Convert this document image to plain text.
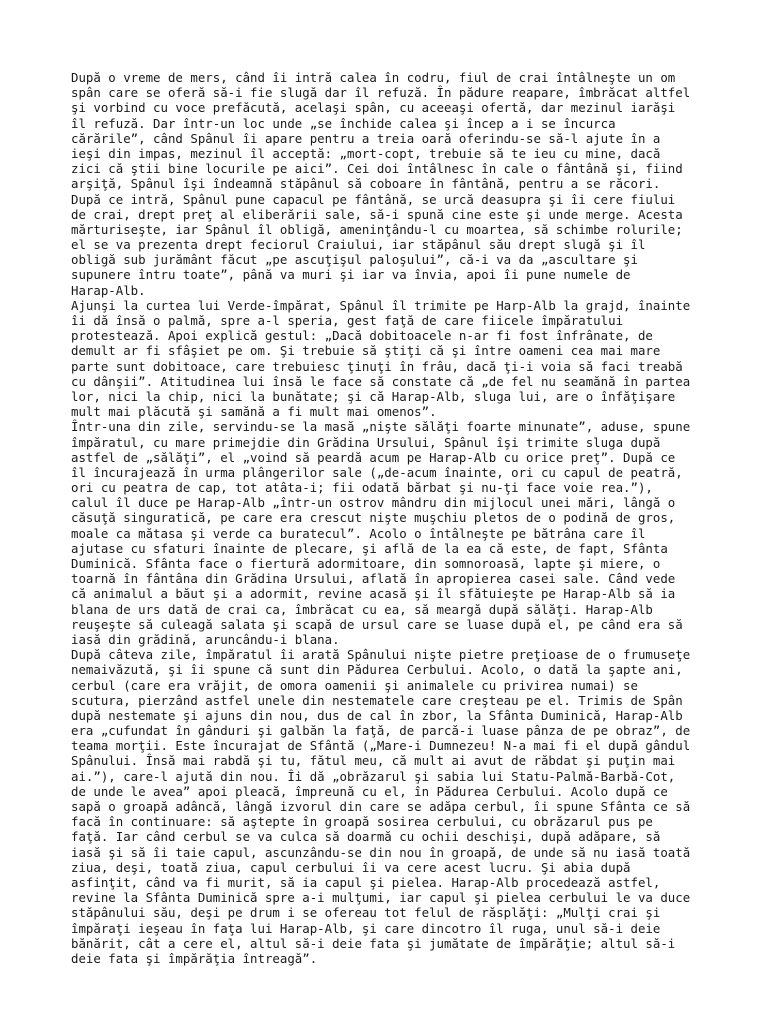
După o vreme de mers, când îi intră calea în codru, fiul de crai întâlneşte un om
spân care se oferă să-i fie slugă dar îl refuză. În pădure reapare, îmbrăcat altfel
şi vorbind cu voce prefăcută, acelaşi spân, cu aceeaşi ofertă, dar mezinul iarăşi
îl refuză. Dar într-un loc unde „se închide calea şi încep a i se încurca
cărările”, când Spânul îi apare pentru a treia oară oferindu-se să-l ajute în a
ieşi din impas, mezinul îl acceptă: „mort-copt, trebuie să te ieu cu mine, dacă
zici că ştii bine locurile pe aici”. Cei doi întâlnesc în cale o fântână şi, fiind
arşiţă, Spânul îşi îndeamnă stăpânul să coboare în fântână, pentru a se răcori.
După ce intră, Spânul pune capacul pe fântână, se urcă deasupra şi îi cere fiului
de crai, drept preţ al eliberării sale, să-i spună cine este şi unde merge. Acesta
mărturiseşte, iar Spânul îl obligă, ameninţându-l cu moartea, să schimbe rolurile;
el se va prezenta drept feciorul Craiului, iar stăpânul său drept slugă şi îl
obligă sub jurământ făcut „pe ascuţişul paloşului”, că-i va da „ascultare şi
supunere întru toate”, până va muri şi iar va învia, apoi îi pune numele de
Harap-Alb.
Ajunşi la curtea lui Verde-împărat, Spânul îl trimite pe Harp-Alb la grajd, înainte
îi dă însă o palmă, spre a-l speria, gest faţă de care fiicele împăratului
protestează. Apoi explică gestul: „Dacă dobitoacele n-ar fi fost înfrânate, de
demult ar fi sfâşiet pe om. Şi trebuie să ştiţi că şi între oameni cea mai mare
parte sunt dobitoace, care trebuiesc ţinuţi în frâu, dacă ţi-i voia să faci treabă
cu dânşii”. Atitudinea lui însă le face să constate că „de fel nu seamănă în partea
lor, nici la chip, nici la bunătate; şi că Harap-Alb, sluga lui, are o înfăţişare
mult mai plăcută şi samănă a fi mult mai omenos”.
Într-una din zile, servindu-se la masă „nişte sălăţi foarte minunate”, aduse, spune
împăratul, cu mare primejdie din Grădina Ursului, Spânul îşi trimite sluga după
astfel de „sălăţi”, el „voind să peardă acum pe Harap-Alb cu orice preţ”. După ce
îl încurajează în urma plângerilor sale („de-acum înainte, ori cu capul de peatră,
ori cu peatra de cap, tot atâta-i; fii odată bărbat şi nu-ţi face voie rea.”),
calul îl duce pe Harap-Alb „într-un ostrov mândru din mijlocul unei mări, lângă o
căsuţă singuratică, pe care era crescut nişte muşchiu pletos de o podină de gros,
moale ca mătasa şi verde ca buratecul”. Acolo o întâlneşte pe bătrâna care îl
ajutase cu sfaturi înainte de plecare, şi află de la ea că este, de fapt, Sfânta
Duminică. Sfânta face o fiertură adormitoare, din somnoroasă, lapte şi miere, o
toarnă în fântâna din Grădina Ursului, aflată în apropierea casei sale. Când vede
că animalul a băut şi a adormit, revine acasă şi îl sfătuieşte pe Harap-Alb să ia
blana de urs dată de crai ca, îmbrăcat cu ea, să meargă după sălăţi. Harap-Alb
reuşeşte să culeagă salata şi scapă de ursul care se luase după el, pe când era să
iasă din grădină, aruncându-i blana.
După câteva zile, împăratul îi arată Spânului nişte pietre preţioase de o frumuseţe
nemaivăzută, şi îi spune că sunt din Pădurea Cerbului. Acolo, o dată la şapte ani,
cerbul (care era vrăjit, de omora oamenii şi animalele cu privirea numai) se
scutura, pierzând astfel unele din nestematele care creşteau pe el. Trimis de Spân
după nestemate şi ajuns din nou, dus de cal în zbor, la Sfânta Duminică, Harap-Alb
era „cufundat în gânduri şi galbăn la faţă, de parcă-i luase pânza de pe obraz”, de
teama morţii. Este încurajat de Sfântă („Mare-i Dumnezeu! N-a mai fi el după gândul
Spânului. Însă mai rabdă şi tu, fătul meu, că mult ai avut de răbdat şi puţin mai
ai.”), care-l ajută din nou. Îi dă „obrăzarul şi sabia lui Statu-Palmă-Barbă-Cot,
de unde le avea” apoi pleacă, împreună cu el, în Pădurea Cerbului. Acolo după ce
sapă o groapă adâncă, lângă izvorul din care se adăpa cerbul, îi spune Sfânta ce să
facă în continuare: să aştepte în groapă sosirea cerbului, cu obrăzarul pus pe
faţă. Iar când cerbul se va culca să doarmă cu ochii deschişi, după adăpare, să
iasă şi să îi taie capul, ascunzându-se din nou în groapă, de unde să nu iasă toată
ziua, deşi, toată ziua, capul cerbului îi va cere acest lucru. Şi abia după
asfinţit, când va fi murit, să ia capul şi pielea. Harap-Alb procedează astfel,
revine la Sfânta Duminică spre a-i mulţumi, iar capul şi pielea cerbului le va duce
stăpânului său, deşi pe drum i se ofereau tot felul de răsplăţi: „Mulţi crai şi
împăraţi ieşeau în faţa lui Harap-Alb, şi care dincotro îl ruga, unul să-i deie
bănărit, cât a cere el, altul să-i deie fata şi jumătate de împărăţie; altul să-i
deie fata şi împărăţia întreagă”.
